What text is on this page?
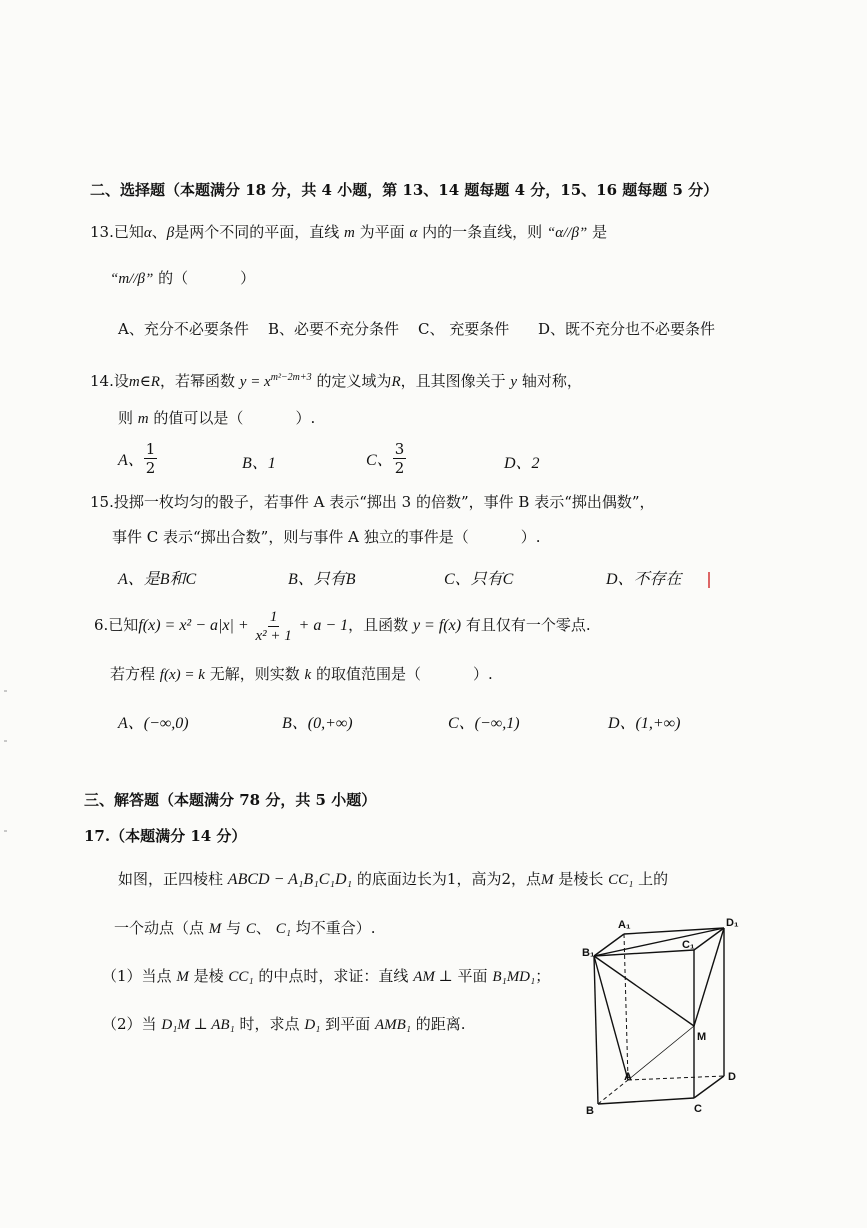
二、选择题（本题满分 18 分，共 4 小题，第 13、14 题每题 4 分，15、16 题每题 5 分）
13.已知α、β是两个不同的平面，直线 m 为平面 α 内的一条直线，则 “α//β” 是
“m//β” 的（	）
A、充分不必要条件 B、必要不充分条件 C、 充要条件 D、既不充分也不必要条件
14.设m∈R，若幂函数 $y = x^{m^2-2m+3}$ 的定义域为R，且其图像关于 y 轴对称，
则 m 的值可以是（	）.
A、 $\frac{1}{2}$	B、1	C、 $\frac{3}{2}$	D、2
15.投掷一枚均匀的骰子，若事件 A 表示“掷出 3 的倍数”，事件 B 表示“掷出偶数”，
事件 C 表示“掷出合数”，则与事件 A 独立的事件是（	）.
A、是B和C	B、只有B	C、只有C	D、不存在
6.已知$f(x) = x^2 - a|x| + \frac{1}{\text{x² + 1}} + a - 1$，且函数 y = f(x) 有且仅有一个零点.
若方程 f(x) = k 无解，则实数 k 的取值范围是（	）.
A、(−∞,0)	B、(0,+∞)	C、(−∞,1)	D、(1,+∞)
三、解答题（本题满分 78 分，共 5 小题）
17.（本题满分 14 分）
如图，正四棱柱 ABCD − A₁B₁C₁D₁ 的底面边长为1，高为2，点M 是棱长 CC₁ 上的
一个动点（点 M 与 C、 C₁ 均不重合）.
（1）当点 M 是棱 CC₁ 的中点时，求证：直线 AM ⊥ 平面 B₁MD₁；
（2）当 D₁M ⊥ AB₁ 时，求点 D₁ 到平面 AMB₁ 的距离.
A₁	D₁
B₁
C₁
M
A	D
B	C
